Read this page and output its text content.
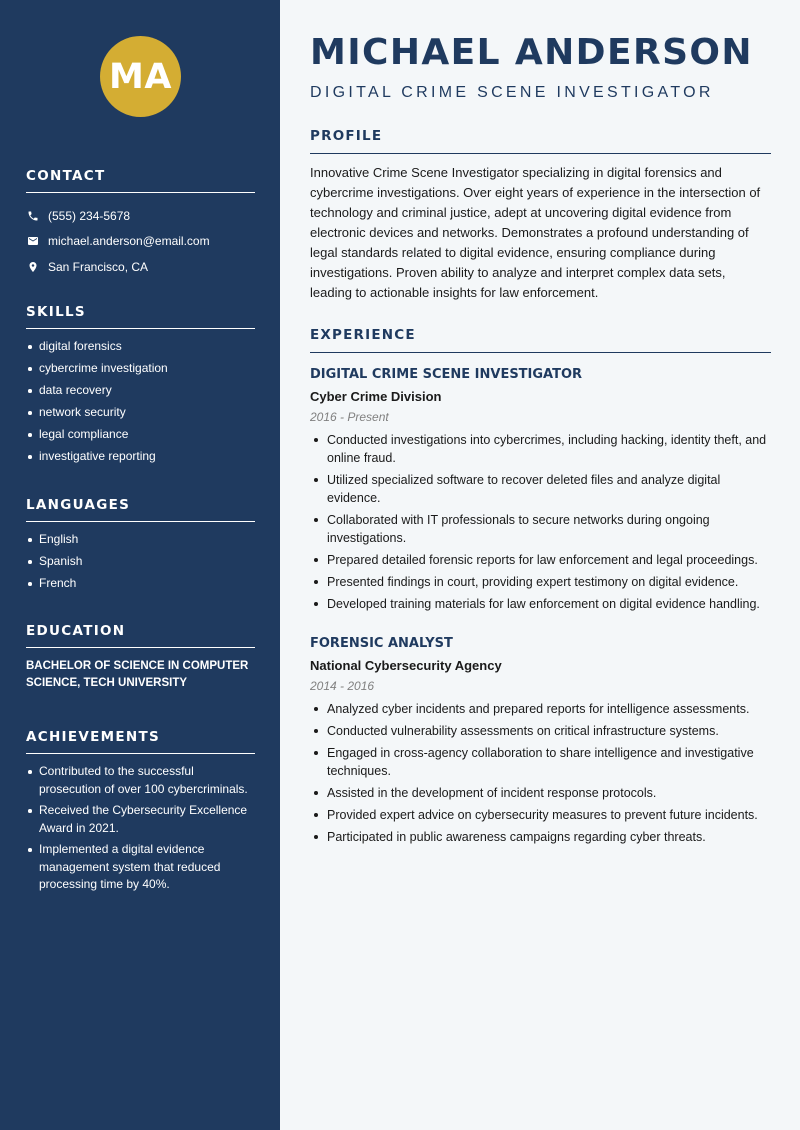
MA
CONTACT
(555) 234-5678
michael.anderson@email.com
San Francisco, CA
SKILLS
digital forensics
cybercrime investigation
data recovery
network security
legal compliance
investigative reporting
LANGUAGES
English
Spanish
French
EDUCATION
BACHELOR OF SCIENCE IN COMPUTER SCIENCE, TECH UNIVERSITY
ACHIEVEMENTS
Contributed to the successful prosecution of over 100 cybercriminals.
Received the Cybersecurity Excellence Award in 2021.
Implemented a digital evidence management system that reduced processing time by 40%.
MICHAEL ANDERSON
DIGITAL CRIME SCENE INVESTIGATOR
PROFILE

Innovative Crime Scene Investigator specializing in digital forensics and cybercrime investigations. Over eight years of experience in the intersection of technology and criminal justice, adept at uncovering digital evidence from electronic devices and networks. Demonstrates a profound understanding of legal standards related to digital evidence, ensuring compliance during investigations. Proven ability to analyze and interpret complex data sets, leading to actionable insights for law enforcement.

EXPERIENCE
DIGITAL CRIME SCENE INVESTIGATOR
Cyber Crime Division
2016 - Present
Conducted investigations into cybercrimes, including hacking, identity theft, and online fraud.
Utilized specialized software to recover deleted files and analyze digital evidence.
Collaborated with IT professionals to secure networks during ongoing investigations.
Prepared detailed forensic reports for law enforcement and legal proceedings.
Presented findings in court, providing expert testimony on digital evidence.
Developed training materials for law enforcement on digital evidence handling.
FORENSIC ANALYST
National Cybersecurity Agency
2014 - 2016
Analyzed cyber incidents and prepared reports for intelligence assessments.
Conducted vulnerability assessments on critical infrastructure systems.
Engaged in cross-agency collaboration to share intelligence and investigative techniques.
Assisted in the development of incident response protocols.
Provided expert advice on cybersecurity measures to prevent future incidents.
Participated in public awareness campaigns regarding cyber threats.
